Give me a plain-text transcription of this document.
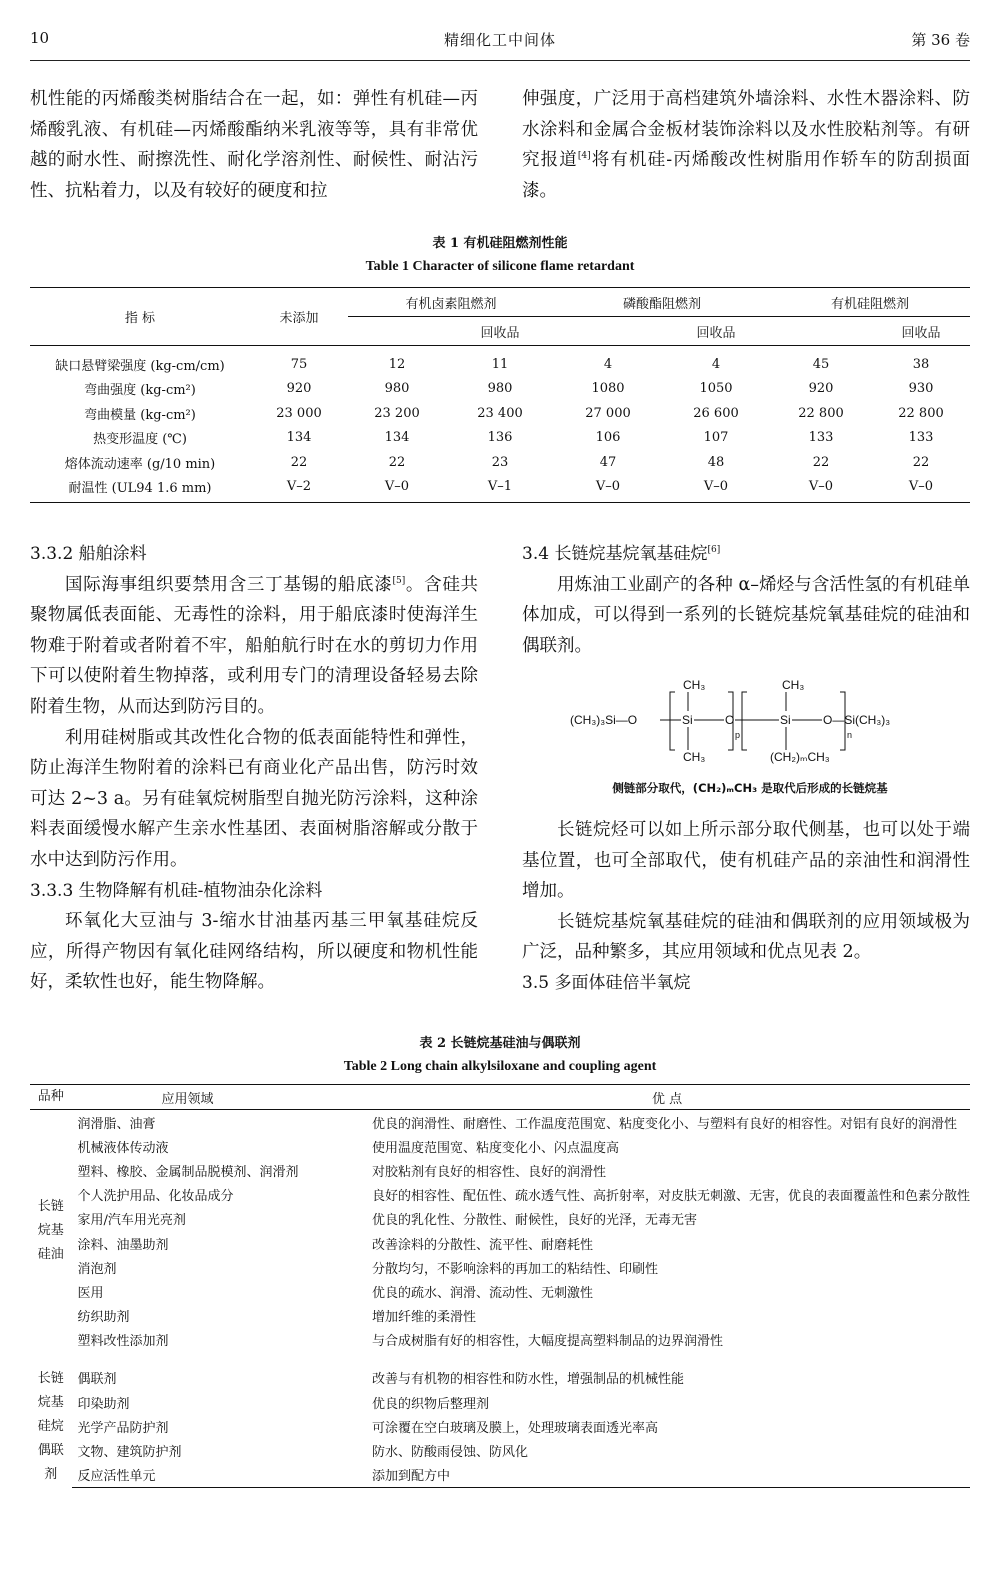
10	精细化工中间体	第 36 卷

机性能的丙烯酸类树脂结合在一起，如：弹性有机硅—丙烯酸乳液、有机硅—丙烯酸酯纳米乳液等等，具有非常优越的耐水性、耐擦洗性、耐化学溶剂性、耐候性、耐沾污性、抗粘着力，以及有较好的硬度和拉

伸强度，广泛用于高档建筑外墙涂料、水性木器涂料、防水涂料和金属合金板材装饰涂料以及水性胶粘剂等。有研究报道[4]将有机硅-丙烯酸改性树脂用作轿车的防刮损面漆。

表 1 有机硅阻燃剂性能
Table 1 Character of silicone flame retardant
指 标	未添加	有机卤素阻燃剂		磷酸酯阻燃剂		有机硅阻燃剂	
			回收品		回收品		回收品
缺口悬臂梁强度 (kg-cm/cm)	75	12	11	4	4	45	38
弯曲强度 (kg-cm²)	920	980	980	1080	1050	920	930
弯曲模量 (kg-cm²)	23 000	23 200	23 400	27 000	26 600	22 800	22 800
热变形温度 (℃)	134	134	136	106	107	133	133
熔体流动速率 (g/10 min)	22	22	23	47	48	22	22
耐温性 (UL94 1.6 mm)	V–2	V–0	V–1	V–0	V–0	V–0	V–0

3.3.2 船舶涂料

国际海事组织要禁用含三丁基锡的船底漆[5]。含硅共聚物属低表面能、无毒性的涂料，用于船底漆时使海洋生物难于附着或者附着不牢，船舶航行时在水的剪切力作用下可以使附着生物掉落，或利用专门的清理设备轻易去除附着生物，从而达到防污目的。

利用硅树脂或其改性化合物的低表面能特性和弹性，防止海洋生物附着的涂料已有商业化产品出售，防污时效可达 2~3 a。另有硅氧烷树脂型自抛光防污涂料，这种涂料表面缓慢水解产生亲水性基团、表面树脂溶解或分散于水中达到防污作用。

3.3.3 生物降解有机硅-植物油杂化涂料

环氧化大豆油与 3-缩水甘油基丙基三甲氧基硅烷反应，所得产物因有氧化硅网络结构，所以硬度和物机性能好，柔软性也好，能生物降解。

3.4 长链烷基烷氧基硅烷[6]

用炼油工业副产的各种 α–烯烃与含活性氢的有机硅单体加成，可以得到一系列的长链烷基烷氧基硅烷的硅油和偶联剂。

(CH₃)₃Si—O
CH₃
Si
CH₃
p
O
CH₃
Si
(CH₂)ₘCH₃
n
O—Si(CH₃)₃
侧链部分取代，(CH₂)ₘCH₃ 是取代后形成的长链烷基

长链烷烃可以如上所示部分取代侧基，也可以处于端基位置，也可全部取代，使有机硅产品的亲油性和润滑性增加。

长链烷基烷氧基硅烷的硅油和偶联剂的应用领域极为广泛，品种繁多，其应用领域和优点见表 2。

3.5 多面体硅倍半氧烷

表 2 长链烷基硅油与偶联剂
Table 2 Long chain alkylsiloxane and coupling agent
品种	应用领域	优 点
长链烷基硅油	润滑脂、油膏	优良的润滑性、耐磨性、工作温度范围宽、粘度变化小、与塑料有良好的相容性。对铝有良好的润滑性
	机械液体传动液	使用温度范围宽、粘度变化小、闪点温度高
	塑料、橡胶、金属制品脱模剂、润滑剂	对胶粘剂有良好的相容性、良好的润滑性
	个人洗护用品、化妆品成分	良好的相容性、配伍性、疏水透气性、高折射率，对皮肤无刺激、无害，优良的表面覆盖性和色素分散性
	家用/汽车用光亮剂	优良的乳化性、分散性、耐候性，良好的光泽，无毒无害
	涂料、油墨助剂	改善涂料的分散性、流平性、耐磨耗性
	消泡剂	分散均匀，不影响涂料的再加工的粘结性、印刷性
	医用	优良的疏水、润滑、流动性、无刺激性
	纺织助剂	增加纤维的柔滑性
	塑料改性添加剂	与合成树脂有好的相容性，大幅度提高塑料制品的边界润滑性

长链烷基硅烷偶联剂	偶联剂	改善与有机物的相容性和防水性，增强制品的机械性能
	印染助剂	优良的织物后整理剂
	光学产品防护剂	可涂覆在空白玻璃及膜上，处理玻璃表面透光率高
	文物、建筑防护剂	防水、防酸雨侵蚀、防风化
	反应活性单元	添加到配方中
